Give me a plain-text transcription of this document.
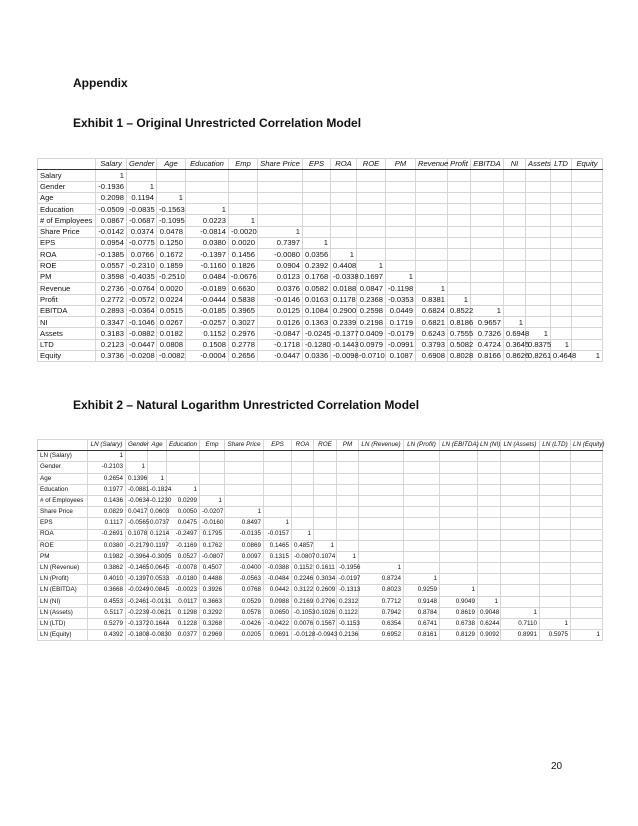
Appendix
Exhibit 1 – Original Unrestricted Correlation Model
	Salary	Gender	Age	Education	Emp	Share Price	EPS	ROA	ROE	PM	Revenue	Profit	EBITDA	NI	Assets	LTD	Equity
Salary	1																
Gender	-0.1936	1															
Age	0.2098	0.1194	1														
Education	-0.0509	-0.0835	-0.1563	1													
# of Employees	0.0867	-0.0687	-0.1095	0.0223	1												
Share Price	-0.0142	0.0374	0.0478	-0.0814	-0.0020	1											
EPS	0.0954	-0.0775	0.1250	0.0380	0.0020	0.7397	1										
ROA	-0.1385	0.0766	0.1672	-0.1397	0.1456	-0.0080	0.0356	1									
ROE	0.0557	-0.2310	0.1859	-0.1160	0.1826	0.0904	0.2392	0.4408	1								
PM	0.3598	-0.4035	-0.2510	0.0484	-0.0676	0.0123	0.1768	-0.0338	0.1697	1							
Revenue	0.2736	-0.0764	0.0020	-0.0189	0.6630	0.0376	0.0582	0.0188	0.0847	-0.1198	1						
Profit	0.2772	-0.0572	0.0224	-0.0444	0.5838	-0.0146	0.0163	0.1178	0.2368	-0.0353	0.8381	1					
EBITDA	0.2893	-0.0364	0.0515	-0.0185	0.3965	0.0125	0.1084	0.2900	0.2598	0.0449	0.6824	0.8522	1				
NI	0.3347	-0.1046	0.0267	-0.0257	0.3027	0.0126	0.1363	0.2339	0.2198	0.1719	0.6821	0.8186	0.9657	1			
Assets	0.3183	-0.0882	0.0182	0.1152	0.2976	-0.0847	-0.0245	-0.1377	0.0409	-0.0179	0.6243	0.7555	0.7326	0.6948	1		
LTD	0.2123	-0.0447	0.0808	0.1508	0.2778	-0.1718	-0.1280	-0.1443	0.0979	-0.0991	0.3793	0.5082	0.4724	0.3645	0.8375	1	
Equity	0.3736	-0.0208	-0.0082	-0.0004	0.2656	-0.0447	0.0336	-0.0098	-0.0710	0.1087	0.6908	0.8028	0.8166	0.8626	0.8261	0.4648	1
Exhibit 2 – Natural Logarithm Unrestricted Correlation Model
	LN (Salary)	Gender	Age	Education	Emp	Share Price	EPS	ROA	ROE	PM	LN (Revenue)	LN (Profit)	LN (EBITDA)	LN (NI)	LN (Assets)	LN (LTD)	LN (Equity)
LN (Salary)	1																
Gender	-0.2103	1															
Age	0.2654	0.1396	1														
Education	0.1977	-0.0881	-0.1824	1													
# of Employees	0.1436	-0.0634	-0.1230	0.0299	1												
Share Price	0.0829	0.0417	0.0603	0.0050	-0.0207	1											
EPS	0.1117	-0.0565	0.0737	0.0475	-0.0160	0.8497	1										
ROA	-0.2691	0.1078	0.1214	-0.2497	0.1795	-0.0135	-0.0157	1									
ROE	0.0380	-0.2179	0.1197	-0.1169	0.1762	0.0869	0.1465	0.4857	1								
PM	0.1982	-0.3964	-0.3005	0.0527	-0.0807	0.0097	0.1315	-0.0807	0.1074	1							
LN (Revenue)	0.3862	-0.1465	0.0645	-0.0078	0.4507	-0.0400	-0.0388	0.1152	0.1611	-0.1956	1						
LN (Profit)	0.4010	-0.1397	0.0533	-0.0180	0.4488	-0.0563	-0.0484	0.2246	0.3034	-0.0197	0.8724	1					
LN (EBITDA)	0.3668	-0.0249	0.0845	-0.0023	0.3926	0.0768	0.0442	0.3122	0.2609	-0.1313	0.8023	0.9259	1				
LN (NI)	0.4553	-0.2461	-0.0131	0.0117	0.3663	0.0529	0.0988	0.2169	0.2796	0.2312	0.7712	0.9148	0.9049	1			
LN (Assets)	0.5117	-0.2239	-0.0621	0.1298	0.3292	0.0578	0.0650	-0.1053	0.1026	0.1122	0.7942	0.8784	0.8619	0.9048	1		
LN (LTD)	0.5279	-0.1372	0.1644	0.1228	0.3268	-0.0426	-0.0422	0.0076	0.1567	-0.1153	0.6354	0.6741	0.6738	0.6244	0.7110	1	
LN (Equity)	0.4392	-0.1808	-0.0830	0.0377	0.2969	0.0205	0.0691	-0.0128	-0.0943	0.2136	0.6952	0.8161	0.8129	0.9092	0.8991	0.5975	1
20
